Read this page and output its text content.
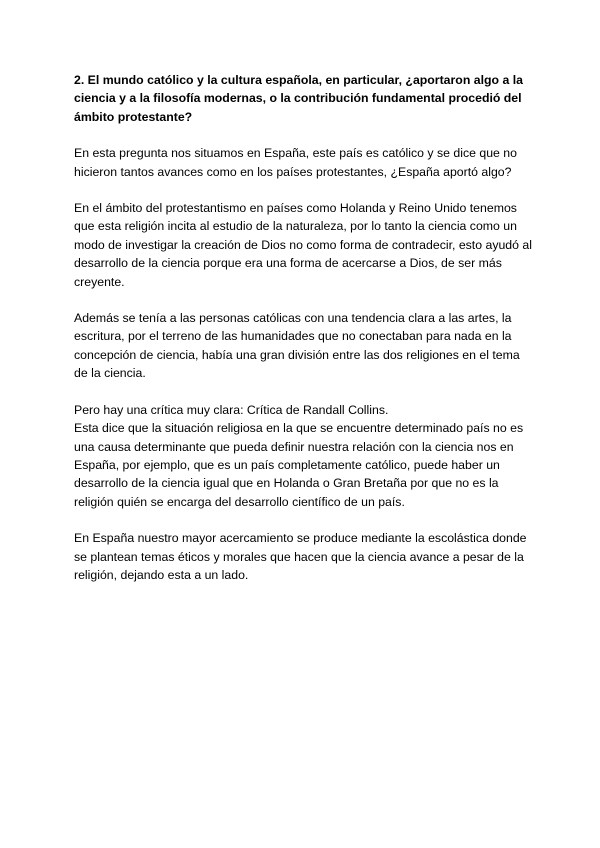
2. El mundo católico y la cultura española, en particular, ¿aportaron algo a la ciencia y a la filosofía modernas, o la contribución fundamental procedió del ámbito protestante?

En esta pregunta nos situamos en España, este país es católico y se dice que no hicieron tantos avances como en los países protestantes, ¿España aportó algo?

En el ámbito del protestantismo en países como Holanda y Reino Unido tenemos que esta religión incita al estudio de la naturaleza, por lo tanto la ciencia como un modo de investigar la creación de Dios no como forma de contradecir, esto ayudó al desarrollo de la ciencia porque era una forma de acercarse a Dios, de ser más creyente.

Además se tenía a las personas católicas con una tendencia clara a las artes, la escritura, por el terreno de las humanidades que no conectaban para nada en la concepción de ciencia, había una gran división entre las dos religiones en el tema de la ciencia.

Pero hay una crítica muy clara: Crítica de Randall Collins.

Esta dice que la situación religiosa en la que se encuentre determinado país no es una causa determinante que pueda definir nuestra relación con la ciencia nos en España, por ejemplo, que es un país completamente católico, puede haber un desarrollo de la ciencia igual que en Holanda o Gran Bretaña por que no es la religión quién se encarga del desarrollo científico de un país.

En España nuestro mayor acercamiento se produce mediante la escolástica donde se plantean temas éticos y morales que hacen que la ciencia avance a pesar de la religión, dejando esta a un lado.
